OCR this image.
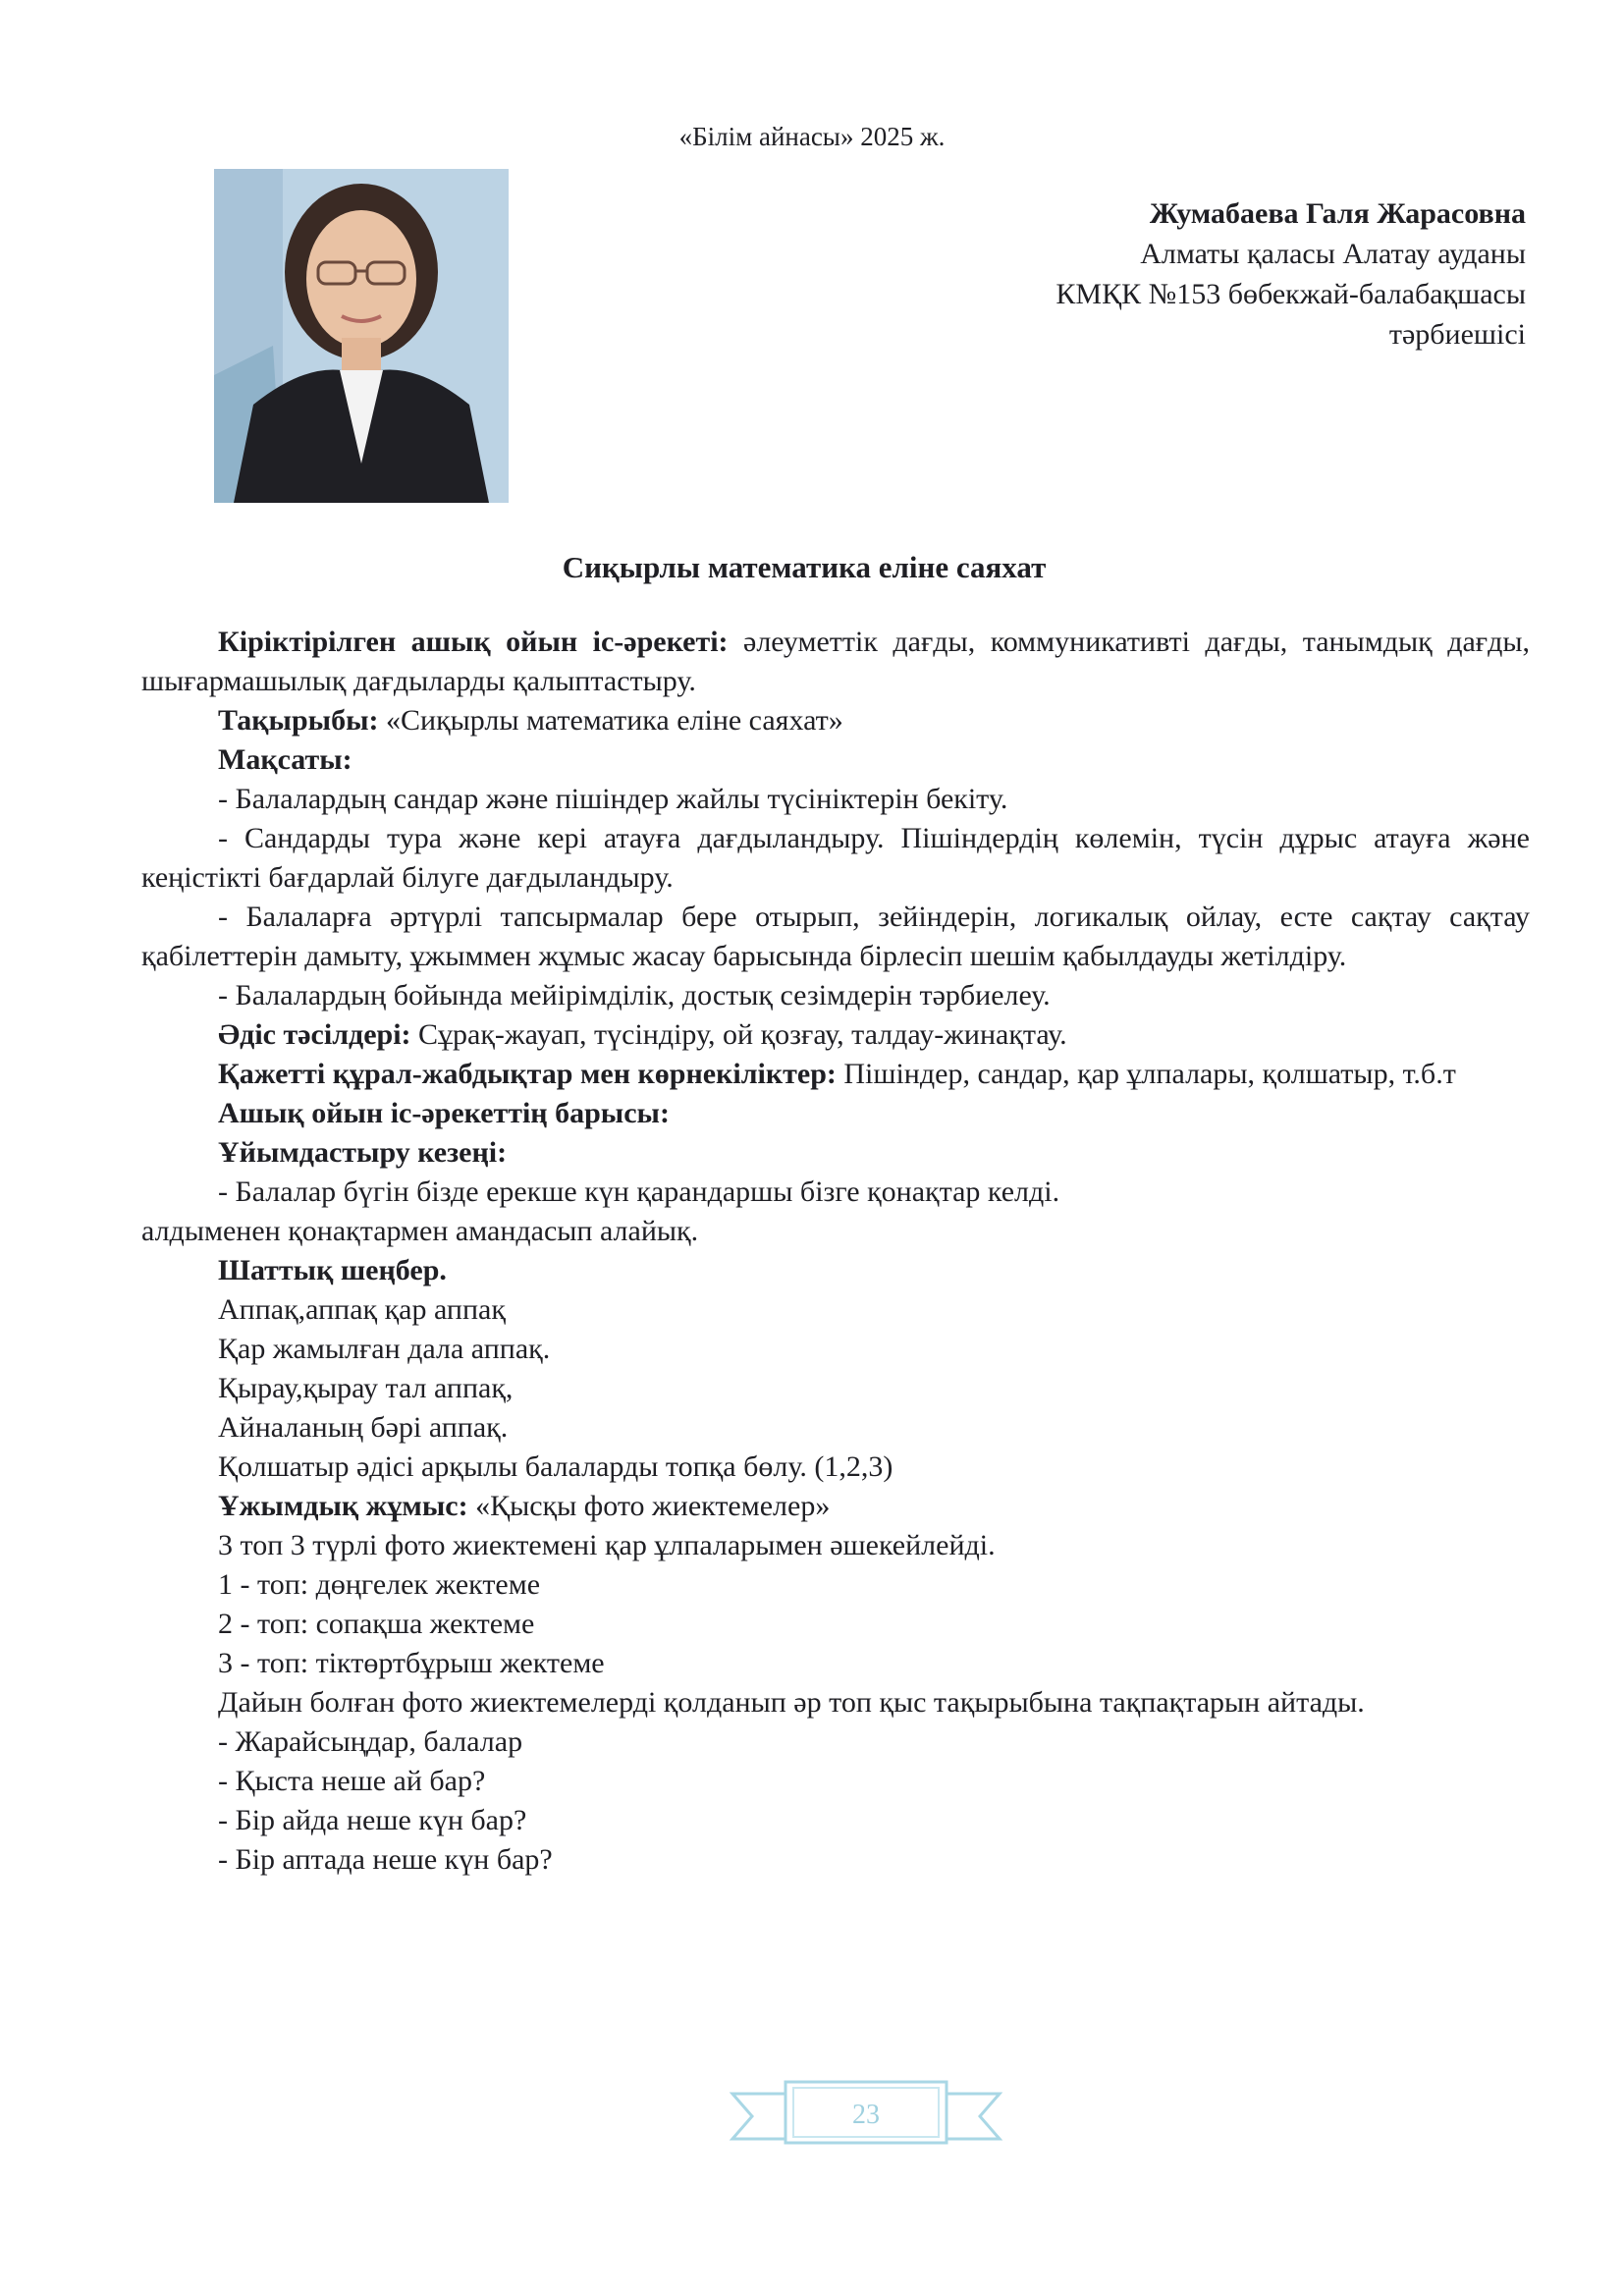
«Білім айнасы» 2025 ж.
Жумабаева Галя Жарасовна
Алматы қаласы Алатау ауданы
КМҚК №153 бөбекжай-балабақшасы
тәрбиешісі
Сиқырлы математика еліне саяхат

Кіріктірілген ашық ойын іс-әрекеті: әлеуметтік дағды, коммуникативті дағды, танымдық дағды, шығармашылық дағдыларды қалыптастыру.

Тақырыбы: «Сиқырлы математика еліне саяхат»

Мақсаты:

- Балалардың сандар және пішіндер жайлы түсініктерін бекіту.

- Сандарды тура және кері атауға дағдыландыру. Пішіндердің көлемін, түсін дұрыс атауға және кеңістікті бағдарлай білуге дағдыландыру.

- Балаларға әртүрлі тапсырмалар бере отырып, зейіндерін, логикалық ойлау, есте сақтау сақтау қабілеттерін дамыту, ұжыммен жұмыс жасау барысында бірлесіп шешім қабылдауды жетілдіру.

- Балалардың бойында мейірімділік, достық сезімдерін тәрбиелеу.

Әдіс тәсілдері: Сұрақ-жауап, түсіндіру, ой қозғау, талдау-жинақтау.

Қажетті құрал-жабдықтар мен көрнекіліктер: Пішіндер, сандар, қар ұлпалары, қолшатыр, т.б.т

Ашық ойын іс-әрекеттің барысы:

Ұйымдастыру кезеңі:

- Балалар бүгін бізде ерекше күн қарандаршы бізге қонақтар келді.

алдыменен қонақтармен амандасып алайық.

Шаттық шеңбер.

Аппақ,аппақ қар аппақ

Қар жамылған дала аппақ.

Қырау,қырау тал аппақ,

Айналаның бәрі аппақ.

Қолшатыр әдісі арқылы балаларды топқа бөлу. (1,2,3)

Ұжымдық жұмыс: «Қысқы фото жиектемелер»

3 топ 3 түрлі фото жиектемені қар ұлпаларымен әшекейлейді.

1 - топ: дөңгелек жектеме

2 - топ: сопақша жектеме

3 - топ: тіктөртбұрыш жектеме

Дайын болған фото жиектемелерді қолданып әр топ қыс тақырыбына тақпақтарын айтады.

- Жарайсыңдар, балалар

- Қыста неше ай бар?

- Бір айда неше күн бар?

- Бір аптада неше күн бар?

23
